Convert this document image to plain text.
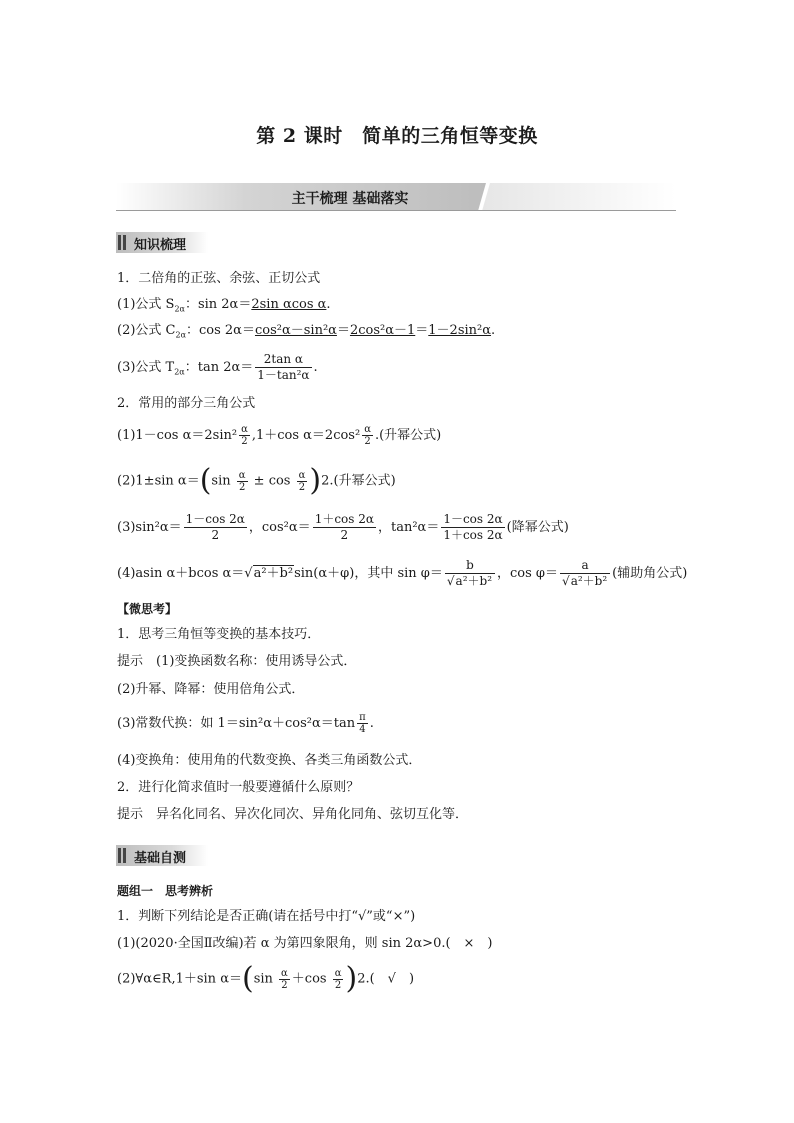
第 2 课时　简单的三角恒等变换
主干梳理 基础落实
知识梳理
1．二倍角的正弦、余弦、正切公式
(1)公式 $S_{2\alpha}$：sin 2α＝2sin αcos α.
(2)公式 $C_{2\alpha}$：cos 2α＝cos²α－sin²α＝2cos²α－1＝1－2sin²α.
(3)公式 $T_{2\alpha}$：$\tan 2\alpha= \frac{\text{2tan α}}{\text{1－tan²α}}$ .
2．常用的部分三角公式
(1)1－cos $\alpha=2\sin^2 \frac{\alpha}{2} ,1+\cos$ $\alpha=2\cos^2 \frac{\alpha}{2}$ .(升幂公式)
(2)1±sin $\alpha=(\sin \frac{\alpha}{2} \pm \cos \frac{\alpha}{2} )2$.(升幂公式)
$(3)\sin^2\alpha= \frac{1-\cos 2\alpha}{2}$ ，$\cos^2\alpha= \frac{1+\cos 2\alpha}{2}$ ，$\tan^2\alpha= \frac{1-\cos 2\alpha}{1+\cos 2\alpha}$ (降幂公式)
(4)asin α＋bcos α＝√a²＋b²sin(α＋φ)，其中 $\sin \varphi= \frac{b}{\text{√a²＋b²}}$ ，$\cos \varphi= \frac{a}{\text{√a²＋b²}}$ (辅助角公式)
【微思考】
1．思考三角恒等变换的基本技巧．
提示　(1)变换函数名称：使用诱导公式．
(2)升幂、降幂：使用倍角公式．
(3)常数代换：如 $1=\sin^2\alpha+\cos^2\alpha=\tan \frac{\pi}{4}$ .
(4)变换角：使用角的代数变换、各类三角函数公式．
2．进行化简求值时一般要遵循什么原则？
提示　异名化同名、异次化同次、异角化同角、弦切互化等．
基础自测
题组一　思考辨析
1．判断下列结论是否正确(请在括号中打“√”或“×”)
(1)(2020·全国Ⅱ改编)若 α 为第四象限角，则 sin 2α>0.(　×　)
(2)∀α∈R,1＋sin $\alpha=(\sin \frac{\alpha}{2} +\cos \frac{\alpha}{2} )2$.(　√　)
